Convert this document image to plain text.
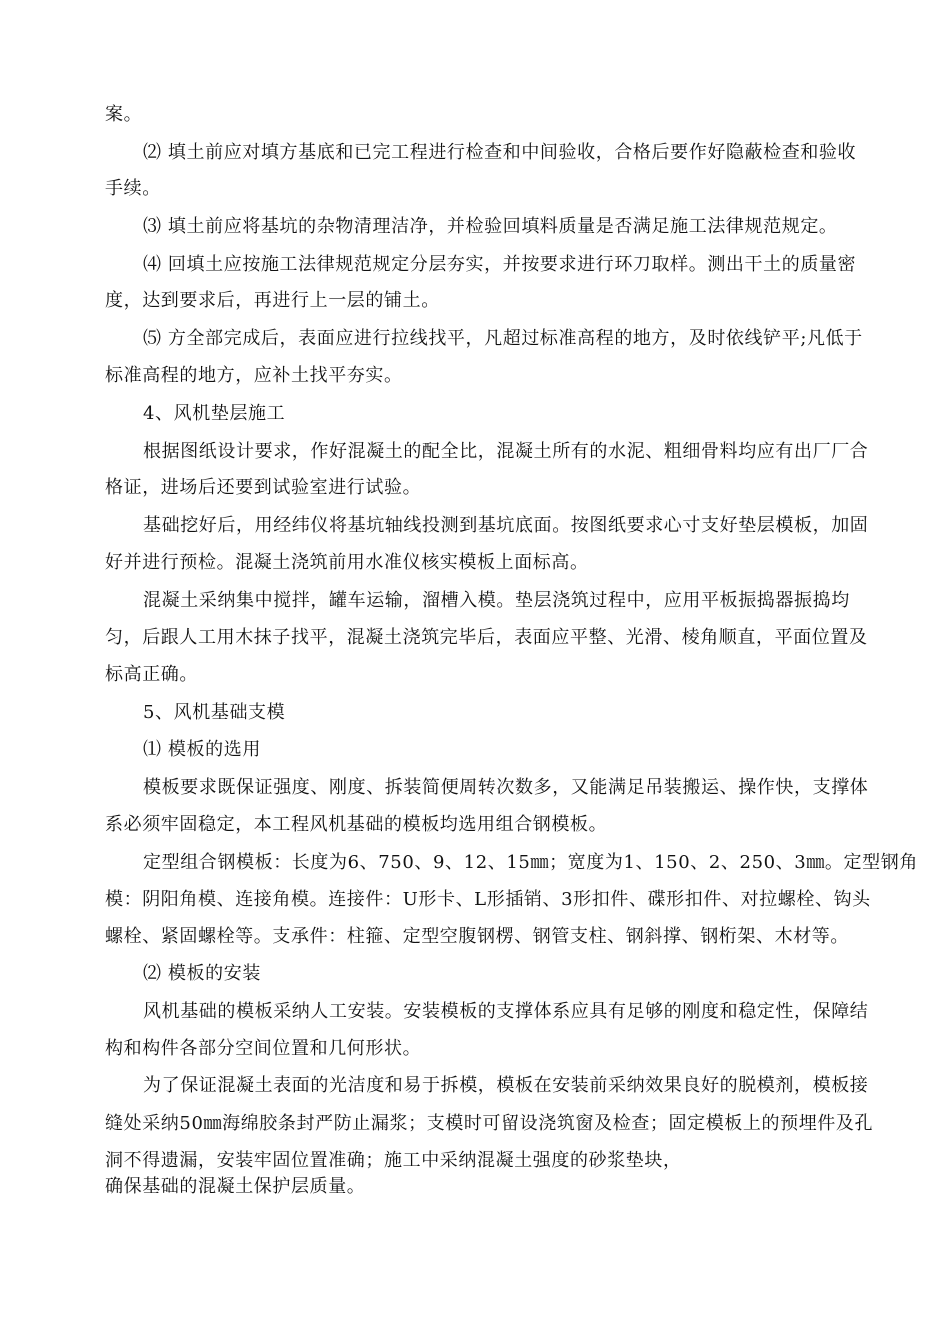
案。
⑵ 填土前应对填方基底和已完工程进行检查和中间验收，合格后要作好隐蔽检查和验收
手续。
⑶ 填土前应将基坑的杂物清理洁净，并检验回填料质量是否满足施工法律规范规定。
⑷ 回填土应按施工法律规范规定分层夯实，并按要求进行环刀取样。测出干土的质量密
度，达到要求后，再进行上一层的铺土。
⑸ 方全部完成后，表面应进行拉线找平，凡超过标准高程的地方，及时依线铲平;凡低于
标准高程的地方，应补土找平夯实。
4、风机垫层施工
根据图纸设计要求，作好混凝土的配全比，混凝土所有的水泥、粗细骨料均应有出厂厂合
格证，进场后还要到试验室进行试验。
基础挖好后，用经纬仪将基坑轴线投测到基坑底面。按图纸要求心寸支好垫层模板，加固
好并进行预检。混凝土浇筑前用水准仪核实模板上面标高。
混凝土采纳集中搅拌，罐车运输，溜槽入模。垫层浇筑过程中，应用平板振捣器振捣均
匀，后跟人工用木抹子找平，混凝土浇筑完毕后，表面应平整、光滑、棱角顺直，平面位置及
标高正确。
5、风机基础支模
⑴ 模板的选用
模板要求既保证强度、刚度、拆装简便周转次数多，又能满足吊装搬运、操作快，支撑体
系必须牢固稳定，本工程风机基础的模板均选用组合钢模板。
定型组合钢模板：长度为6、750、9、12、15㎜；宽度为1、150、2、250、3㎜。定型钢角
模：阴阳角模、连接角模。连接件：U形卡、L形插销、3形扣件、碟形扣件、对拉螺栓、钩头
螺栓、紧固螺栓等。支承件：柱箍、定型空腹钢楞、钢管支柱、钢斜撑、钢桁架、木材等。
⑵ 模板的安装
风机基础的模板采纳人工安装。安装模板的支撑体系应具有足够的刚度和稳定性，保障结
构和构件各部分空间位置和几何形状。
为了保证混凝土表面的光洁度和易于拆模，模板在安装前采纳效果良好的脱模剂，模板接
缝处采纳50㎜海绵胶条封严防止漏浆；支模时可留设浇筑窗及检查；固定模板上的预埋件及孔
洞不得遗漏，安装牢固位置准确；施工中采纳混凝土强度的砂浆垫块，
确保基础的混凝土保护层质量。
